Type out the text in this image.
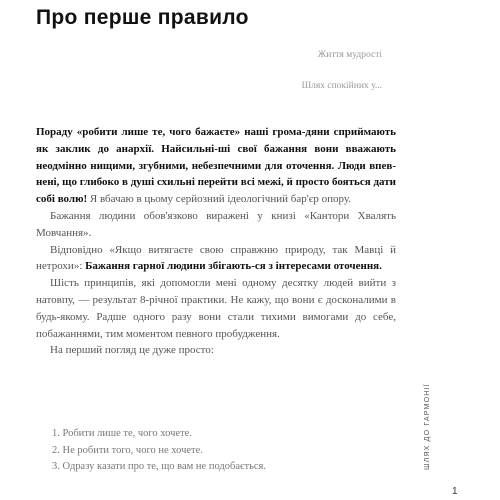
Про перше правило
Життя мудрості
Шлях спокійних у...

Пораду «робити лише те, чого бажаєте» наші грома-дяни сприймають як заклик до анархії. Найсильні-ші свої бажання вони вважають неодмінно нищими, згубними, небезпечними для оточення. Люди впев-нені, що глибоко в душі схильні перейти всі межі, й просто бояться дати собі волю! Я вбачаю в цьому серйозний ідеологічний бар'єр опору.

Бажання людини обов'язково виражені у книзі «Кантори Хвалять Мовчання».

Відповідно «Якщо витягаєте свою справжню природу, так Мавці й нетрохи»: Бажання гарної людини збігають-ся з інтересами оточення.

Шість принципів, які допомогли мені одному десятку людей вийти з натовпу, — результат 8-річної практики. Не кажу, що вони є досконалими в будь-якому. Радше одного разу вони стали тихими вимогами до себе, побажаннями, тим моментом певного пробудження.

На перший погляд це дуже просто:

1. Робити лише те, чого хочете.
2. Не робити того, чого не хочете.
3. Одразу казати про те, що вам не подобається.	ШЛЯХ ДО ГАРМОНІЇ
1
